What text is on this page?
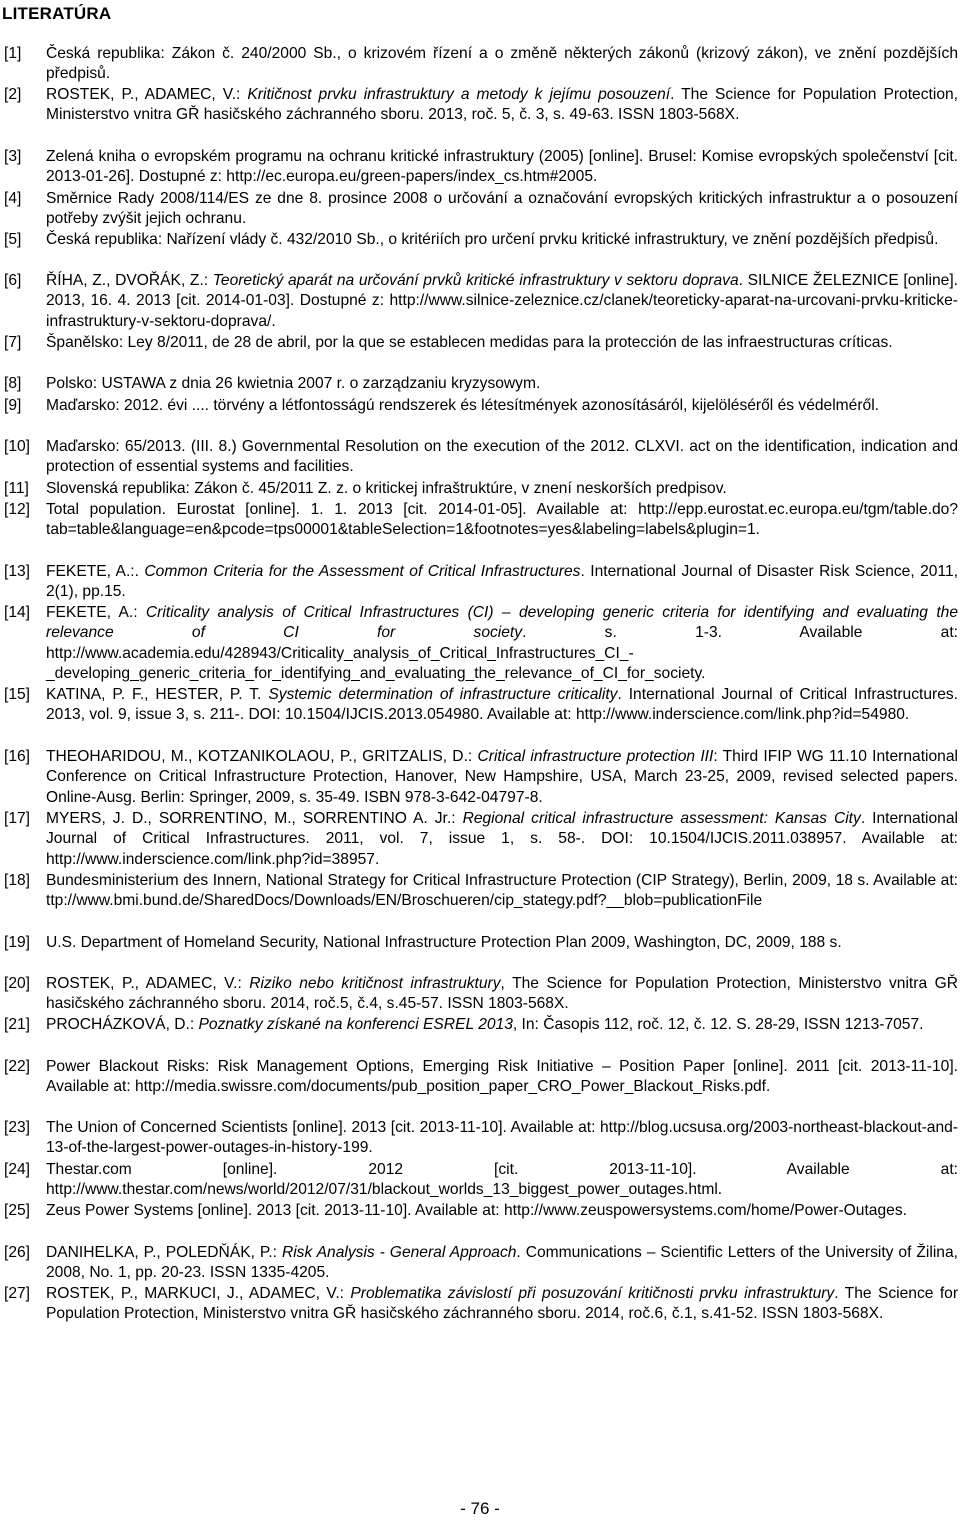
LITERATÚRA
[1] Česká republika: Zákon č. 240/2000 Sb., o krizovém řízení a o změně některých zákonů (krizový zákon), ve znění pozdějších předpisů.
[2] ROSTEK, P., ADAMEC, V.: Kritičnost prvku infrastruktury a metody k jejímu posouzení. The Science for Population Protection, Ministerstvo vnitra GŘ hasičského záchranného sboru. 2013, roč. 5, č. 3, s. 49-63. ISSN 1803-568X.
[3] Zelená kniha o evropském programu na ochranu kritické infrastruktury (2005) [online]. Brusel: Komise evropských společenství [cit. 2013-01-26]. Dostupné z: http://ec.europa.eu/green-papers/index_cs.htm#2005.
[4] Směrnice Rady 2008/114/ES ze dne 8. prosince 2008 o určování a označování evropských kritických infrastruktur a o posouzení potřeby zvýšit jejich ochranu.
[5] Česká republika: Nařízení vlády č. 432/2010 Sb., o kritériích pro určení prvku kritické infrastruktury, ve znění pozdějších předpisů.
[6] ŘÍHA, Z., DVOŘÁK, Z.: Teoretický aparát na určování prvků kritické infrastruktury v sektoru doprava. SILNICE ŽELEZNICE [online]. 2013, 16. 4. 2013 [cit. 2014-01-03]. Dostupné z: http://www.silnice-zeleznice.cz/clanek/teoreticky-aparat-na-urcovani-prvku-kriticke-infrastruktury-v-sektoru-doprava/.
[7] Španělsko: Ley 8/2011, de 28 de abril, por la que se establecen medidas para la protección de las infraestructuras críticas.
[8] Polsko: USTAWA z dnia 26 kwietnia 2007 r. o zarządzaniu kryzysowym.
[9] Maďarsko: 2012. évi .... törvény a létfontosságú rendszerek és létesítmények azonosításáról, kijelöléséről és védelméről.
[10] Maďarsko: 65/2013. (III. 8.) Governmental Resolution on the execution of the 2012. CLXVI. act on the identification, indication and protection of essential systems and facilities.
[11] Slovenská republika: Zákon č. 45/2011 Z. z. o kritickej infraštruktúre, v znení neskorších predpisov.
[12] Total population. Eurostat [online]. 1. 1. 2013 [cit. 2014-01-05]. Available at: http://epp.eurostat.ec.europa.eu/tgm/table.do?tab=table&language=en&pcode=tps00001&tableSelection=1&footnotes=yes&labeling=labels&plugin=1.
[13] FEKETE, A.:. Common Criteria for the Assessment of Critical Infrastructures. International Journal of Disaster Risk Science, 2011, 2(1), pp.15.
[14] FEKETE, A.: Criticality analysis of Critical Infrastructures (CI) – developing generic criteria for identifying and evaluating the relevance of CI for society. s. 1-3. Available at: http://www.academia.edu/428943/Criticality_analysis_of_Critical_Infrastructures_CI_-_developing_generic_criteria_for_identifying_and_evaluating_the_relevance_of_CI_for_society.
[15] KATINA, P. F., HESTER, P. T. Systemic determination of infrastructure criticality. International Journal of Critical Infrastructures. 2013, vol. 9, issue 3, s. 211-. DOI: 10.1504/IJCIS.2013.054980. Available at: http://www.inderscience.com/link.php?id=54980.
[16] THEOHARIDOU, M., KOTZANIKOLAOU, P., GRITZALIS, D.: Critical infrastructure protection III: Third IFIP WG 11.10 International Conference on Critical Infrastructure Protection, Hanover, New Hampshire, USA, March 23-25, 2009, revised selected papers. Online-Ausg. Berlin: Springer, 2009, s. 35-49. ISBN 978-3-642-04797-8.
[17] MYERS, J. D., SORRENTINO, M., SORRENTINO A. Jr.: Regional critical infrastructure assessment: Kansas City. International Journal of Critical Infrastructures. 2011, vol. 7, issue 1, s. 58-. DOI: 10.1504/IJCIS.2011.038957. Available at: http://www.inderscience.com/link.php?id=38957.
[18] Bundesministerium des Innern, National Strategy for Critical Infrastructure Protection (CIP Strategy), Berlin, 2009, 18 s. Available at: ttp://www.bmi.bund.de/SharedDocs/Downloads/EN/Broschueren/cip_stategy.pdf?__blob=publicationFile
[19] U.S. Department of Homeland Security, National Infrastructure Protection Plan 2009, Washington, DC, 2009, 188 s.
[20] ROSTEK, P., ADAMEC, V.: Riziko nebo kritičnost infrastruktury, The Science for Population Protection, Ministerstvo vnitra GŘ hasičského záchranného sboru. 2014, roč.5, č.4, s.45-57. ISSN 1803-568X.
[21] PROCHÁZKOVÁ, D.: Poznatky získané na konferenci ESREL 2013, In: Časopis 112, roč. 12, č. 12. S. 28-29, ISSN 1213-7057.
[22] Power Blackout Risks: Risk Management Options, Emerging Risk Initiative – Position Paper [online]. 2011 [cit. 2013-11-10]. Available at: http://media.swissre.com/documents/pub_position_paper_CRO_Power_Blackout_Risks.pdf.
[23] The Union of Concerned Scientists [online]. 2013 [cit. 2013-11-10]. Available at: http://blog.ucsusa.org/2003-northeast-blackout-and-13-of-the-largest-power-outages-in-history-199.
[24] Thestar.com [online]. 2012 [cit. 2013-11-10]. Available at: http://www.thestar.com/news/world/2012/07/31/blackout_worlds_13_biggest_power_outages.html.
[25] Zeus Power Systems [online]. 2013 [cit. 2013-11-10]. Available at: http://www.zeuspowersystems.com/home/Power-Outages.
[26] DANIHELKA, P., POLEDŇÁK, P.: Risk Analysis - General Approach. Communications – Scientific Letters of the University of Žilina, 2008, No. 1, pp. 20-23. ISSN 1335-4205.
[27] ROSTEK, P., MARKUCI, J., ADAMEC, V.: Problematika závislostí při posuzování kritičnosti prvku infrastruktury. The Science for Population Protection, Ministerstvo vnitra GŘ hasičského záchranného sboru. 2014, roč.6, č.1, s.41-52. ISSN 1803-568X.
- 76 -
